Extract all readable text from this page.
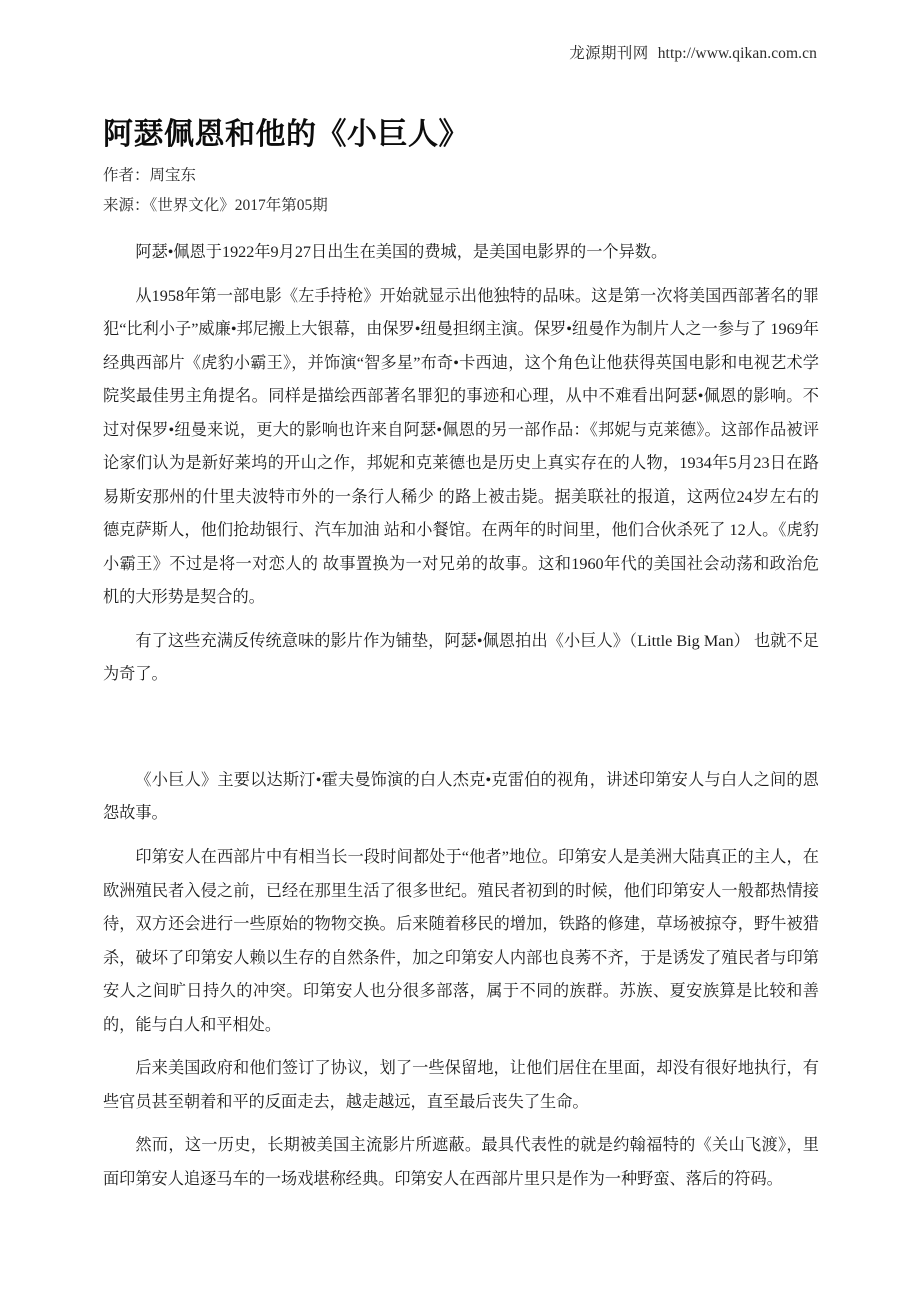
龙源期刊网 http://www.qikan.com.cn
阿瑟佩恩和他的《小巨人》
作者：周宝东
来源：《世界文化》2017年第05期

阿瑟•佩恩于1922年9月27日出生在美国的费城，是美国电影界的一个异数。

从1958年第一部电影《左手持枪》开始就显示出他独特的品味。这是第一次将美国西部著名的罪犯“比利小子”威廉•邦尼搬上大银幕，由保罗•纽曼担纲主演。保罗•纽曼作为制片人之一参与了 1969年经典西部片《虎豹小霸王》，并饰演“智多星”布奇•卡西迪，这个角色让他获得英国电影和电视艺术学院奖最佳男主角提名。同样是描绘西部著名罪犯的事迹和心理，从中不难看出阿瑟•佩恩的影响。不过对保罗•纽曼来说，更大的影响也许来自阿瑟•佩恩的另一部作品：《邦妮与克莱德》。这部作品被评论家们认为是新好莱坞的开山之作，邦妮和克莱德也是历史上真实存在的人物，1934年5月23日在路易斯安那州的什里夫波特市外的一条行人稀少 的路上被击毙。据美联社的报道，这两位24岁左右的德克萨斯人，他们抢劫银行、汽车加油 站和小餐馆。在两年的时间里，他们合伙杀死了 12人。《虎豹小霸王》不过是将一对恋人的 故事置换为一对兄弟的故事。这和1960年代的美国社会动荡和政治危机的大形势是契合的。

有了这些充满反传统意味的影片作为铺垫，阿瑟•佩恩拍出《小巨人》（Little Big Man） 也就不足为奇了。

《小巨人》主要以达斯汀•霍夫曼饰演的白人杰克•克雷伯的视角，讲述印第安人与白人之间的恩怨故事。

印第安人在西部片中有相当长一段时间都处于“他者”地位。印第安人是美洲大陆真正的主人，在欧洲殖民者入侵之前，已经在那里生活了很多世纪。殖民者初到的时候，他们印第安人一般都热情接待，双方还会进行一些原始的物物交换。后来随着移民的增加，铁路的修建，草场被掠夺，野牛被猎杀，破坏了印第安人赖以生存的自然条件，加之印第安人内部也良莠不齐，于是诱发了殖民者与印第安人之间旷日持久的冲突。印第安人也分很多部落，属于不同的族群。苏族、夏安族算是比较和善的，能与白人和平相处。

后来美国政府和他们签订了协议，划了一些保留地，让他们居住在里面，却没有很好地执行，有些官员甚至朝着和平的反面走去，越走越远，直至最后丧失了生命。

然而，这一历史，长期被美国主流影片所遮蔽。最具代表性的就是约翰福特的《关山飞渡》，里面印第安人追逐马车的一场戏堪称经典。印第安人在西部片里只是作为一种野蛮、落后的符码。
